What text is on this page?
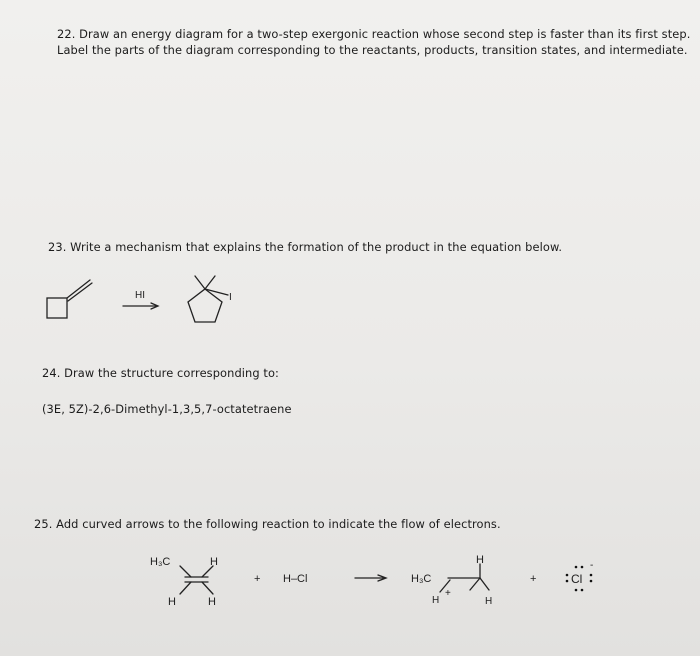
22. Draw an energy diagram for a two-step exergonic reaction whose second step is faster than its first step.
Label the parts of the diagram corresponding to the reactants, products, transition states, and intermediate.
23. Write a mechanism that explains the formation of the product in the equation below.
24. Draw the structure corresponding to:
(3E, 5Z)-2,6-Dimethyl-1,3,5,7-octatetraene
25. Add curved arrows to the following reaction to indicate the flow of electrons.
HI	I
H₃C	H
H	H
+ H–Cl	H₃C
H
H	H
+
+	Cl
-
